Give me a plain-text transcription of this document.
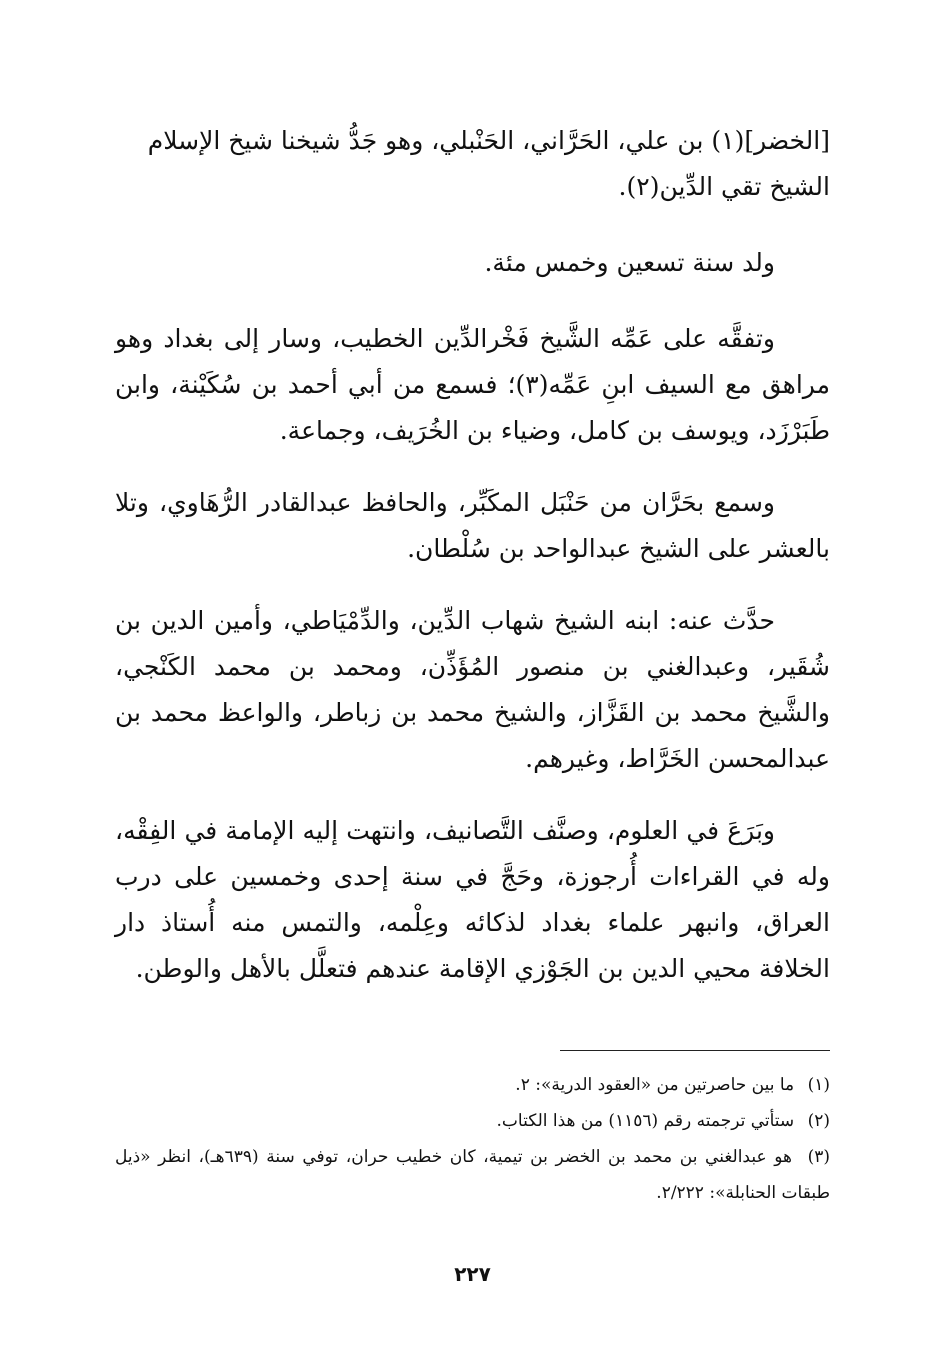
[الخضر](١) بن علي، الحَرَّاني، الحَنْبلي، وهو جَدُّ شيخنا شيخ الإسلام
الشيخ تقي الدِّين(٢).

ولد سنة تسعين وخمس مئة.

وتفقَّه على عَمِّه الشَّيخ فَخْرالدِّين الخطيب، وسار إلى بغداد وهو مراهق مع السيف ابنِ عَمِّه(٣)؛ فسمع من أبي أحمد بن سُكَيْنة، وابن طَبَرْزَد، ويوسف بن كامل، وضياء بن الخُرَيف، وجماعة.

وسمع بحَرَّان من حَنْبَل المكَبِّر، والحافظ عبدالقادر الرُّهَاوي، وتلا بالعشر على الشيخ عبدالواحد بن سُلْطان.

حدَّث عنه: ابنه الشيخ شهاب الدِّين، والدِّمْيَاطي، وأمين الدين بن شُقَير، وعبدالغني بن منصور المُؤَذِّن، ومحمد بن محمد الكَنْجي، والشَّيخ محمد بن القَزَّاز، والشيخ محمد بن زباطر، والواعظ محمد بن عبدالمحسن الخَرَّاط، وغيرهم.

وبَرَعَ في العلوم، وصنَّف التَّصانيف، وانتهت إليه الإمامة في الفِقْه، وله في القراءات أُرجوزة، وحَجَّ في سنة إحدى وخمسين على درب العراق، وانبهر علماء بغداد لذكائه وعِلْمه، والتمس منه أُستاذ دار الخلافة محيي الدين بن الجَوْزي الإقامة عندهم فتعلَّل بالأهل والوطن.

(١) ما بين حاصرتين من «العقود الدرية»: ٢.

(٢) ستأتي ترجمته رقم (١١٥٦) من هذا الكتاب.

(٣) هو عبدالغني بن محمد بن الخضر بن تيمية، كان خطيب حران، توفي سنة (٦٣٩هـ)، انظر «ذيل طبقات الحنابلة»: ٢/٢٢٢.

٢٢٧
